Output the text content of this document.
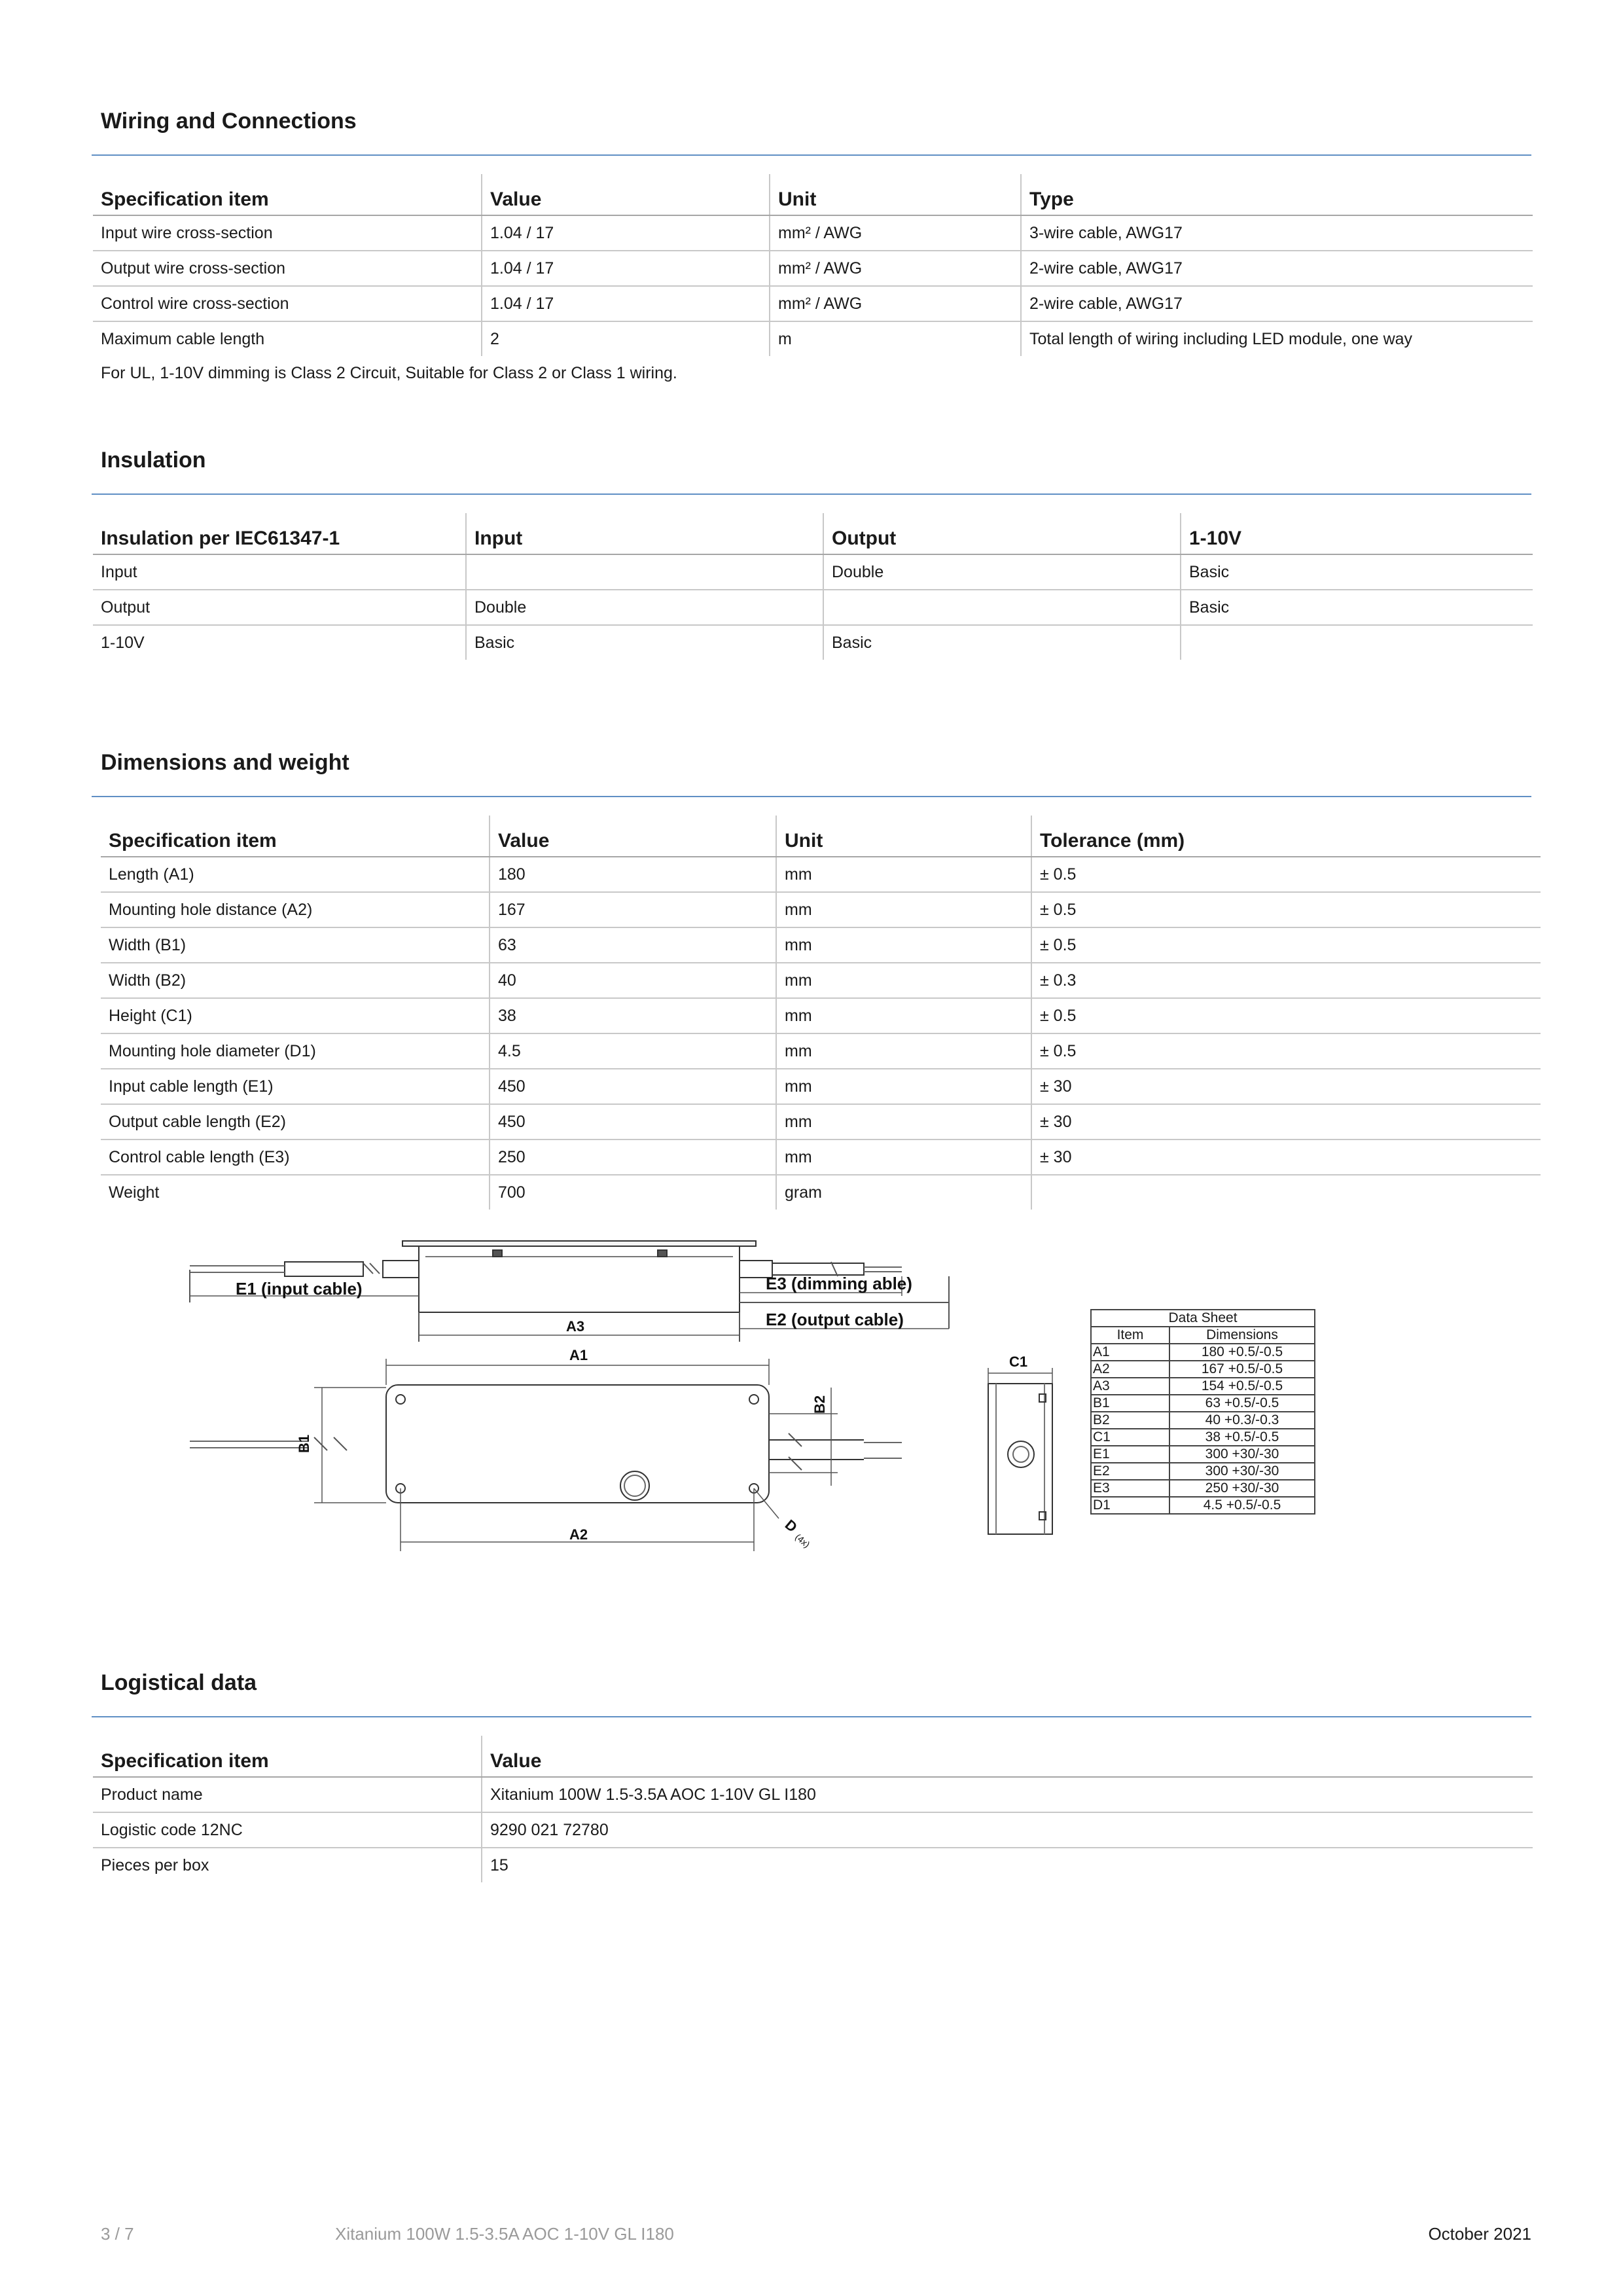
Wiring and Connections
Specification item	Value	Unit	Type
Input wire cross-section	1.04 / 17	mm² / AWG	3-wire cable, AWG17
Output wire cross-section	1.04 / 17	mm² / AWG	2-wire cable, AWG17
Control wire cross-section	1.04 / 17	mm² / AWG	2-wire cable, AWG17
Maximum cable length	2	m	Total length of wiring including LED module, one way
For UL, 1-10V dimming is Class 2 Circuit, Suitable for Class 2 or Class 1 wiring.
Insulation
Insulation per IEC61347-1	Input	Output	1-10V
Input		Double	Basic
Output	Double		Basic
1-10V	Basic	Basic	
Dimensions and weight
Specification item	Value	Unit	Tolerance (mm)
Length (A1)	180	mm	± 0.5
Mounting hole distance (A2)	167	mm	± 0.5
Width (B1)	63	mm	± 0.5
Width (B2)	40	mm	± 0.3
Height (C1)	38	mm	± 0.5
Mounting hole diameter (D1)	4.5	mm	± 0.5
Input cable length (E1)	450	mm	± 30
Output cable length (E2)	450	mm	± 30
Control cable length (E3)	250	mm	± 30
Weight	700	gram	
E1 (input cable)	E3 (dimming able)
E2 (output cable)
A3
A1
A2
B1
B2
D
(4x)
C1
Data Sheet	
Item	Dimensions
A1	180 +0.5/-0.5
A2	167 +0.5/-0.5
A3	154 +0.5/-0.5
B1	63 +0.5/-0.5
B2	40 +0.3/-0.3
C1	38 +0.5/-0.5
E1	300 +30/-30
E2	300 +30/-30
E3	250 +30/-30
D1	4.5 +0.5/-0.5
Logistical data
Specification item	Value
Product name	Xitanium 100W 1.5-3.5A AOC 1-10V GL I180
Logistic code 12NC	9290 021 72780
Pieces per box	15
3 / 7	Xitanium 100W 1.5-3.5A AOC 1-10V GL I180	October 2021
